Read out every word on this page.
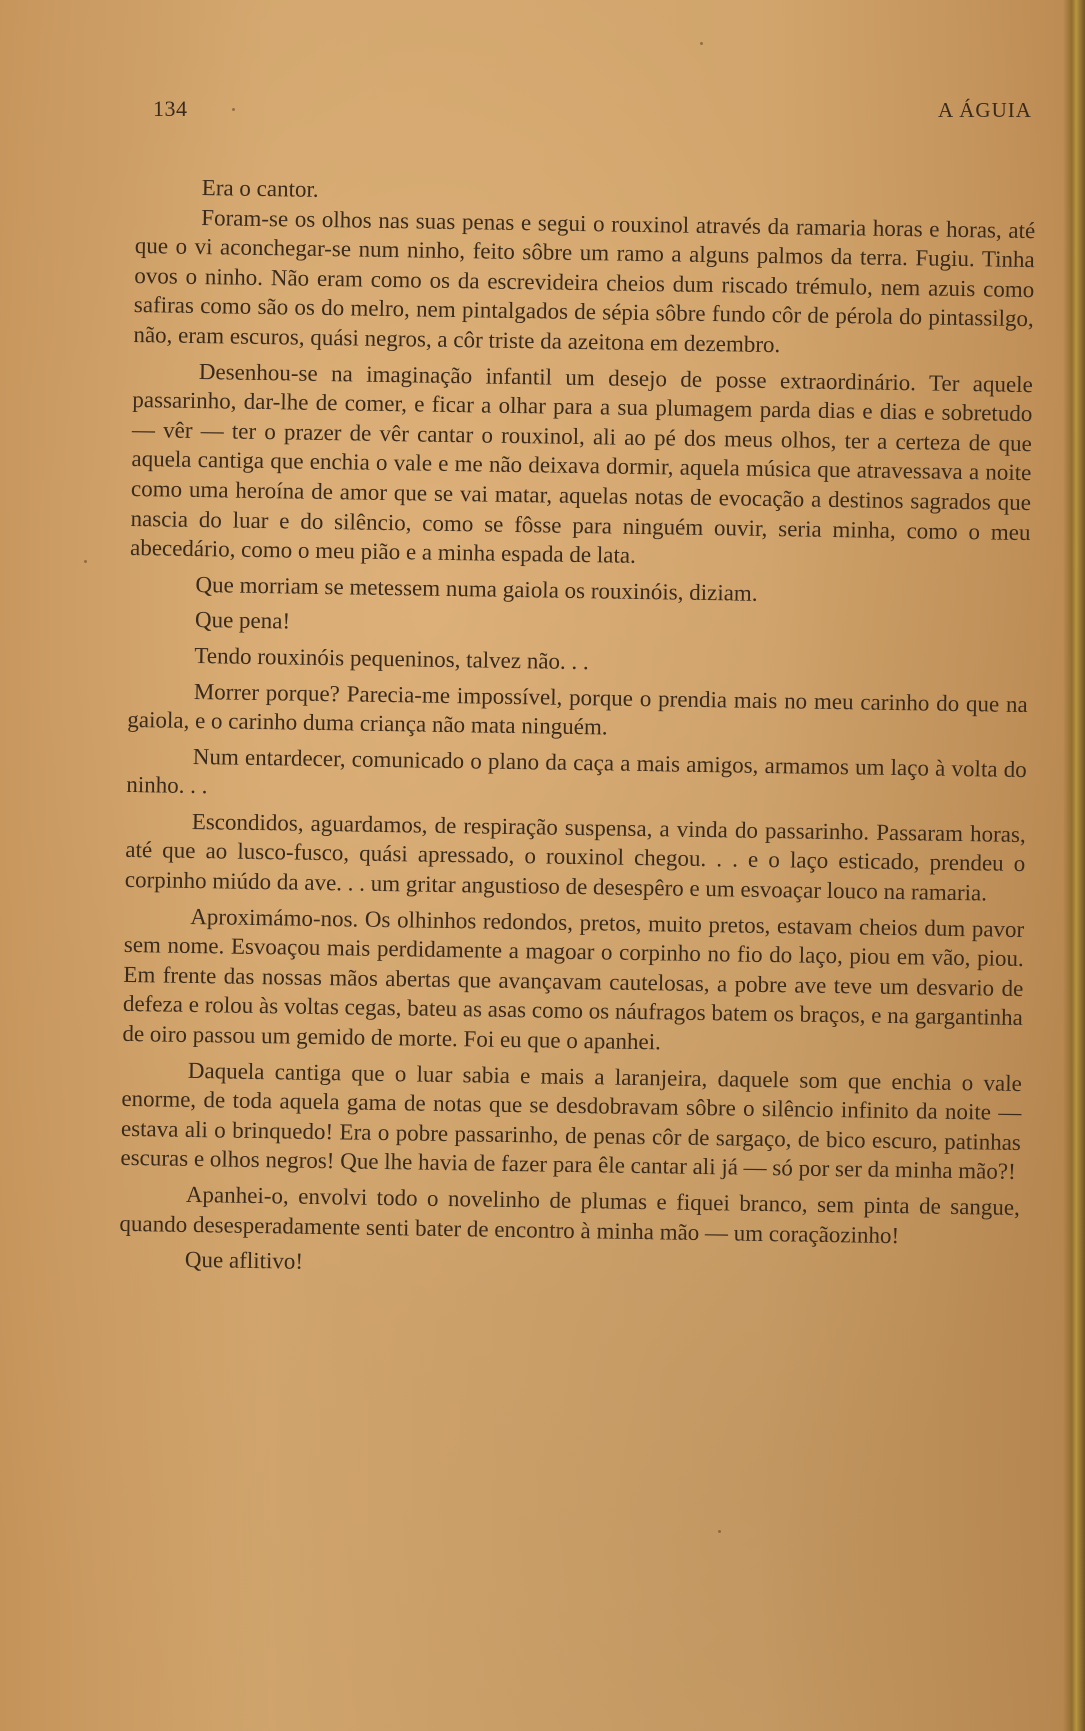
134	A ÁGUIA

Era o cantor.

Foram-se os olhos nas suas penas e segui o rouxinol através da ramaria horas e horas, até que o vi aconchegar-se num ninho, feito sôbre um ramo a alguns palmos da terra. Fugiu. Tinha ovos o ninho. Não eram como os da escrevideira cheios dum riscado trémulo, nem azuis como safiras como são os do melro, nem pintalgados de sépia sôbre fundo côr de pérola do pintassilgo, não, eram escuros, quási negros, a côr triste da azeitona em dezembro.

Desenhou-se na imaginação infantil um desejo de posse extraordinário. Ter aquele passarinho, dar-lhe de comer, e ficar a olhar para a sua plumagem parda dias e dias e sobretudo — vêr — ter o prazer de vêr cantar o rouxinol, ali ao pé dos meus olhos, ter a certeza de que aquela cantiga que enchia o vale e me não deixava dormir, aquela música que atravessava a noite como uma heroína de amor que se vai matar, aquelas notas de evocação a destinos sagrados que nascia do luar e do silêncio, como se fôsse para ninguém ouvir, seria minha, como o meu abecedário, como o meu pião e a minha espada de lata.

Que morriam se metessem numa gaiola os rouxinóis, diziam.

Que pena!

Tendo rouxinóis pequeninos, talvez não. . .

Morrer porque? Parecia-me impossível, porque o prendia mais no meu carinho do que na gaiola, e o carinho duma criança não mata ninguém.

Num entardecer, comunicado o plano da caça a mais amigos, armamos um laço à volta do ninho. . .

Escondidos, aguardamos, de respiração suspensa, a vinda do passarinho. Passaram horas, até que ao lusco-fusco, quási apressado, o rouxinol chegou. . . e o laço esticado, prendeu o corpinho miúdo da ave. . . um gritar angustioso de desespêro e um esvoaçar louco na ramaria.

Aproximámo-nos. Os olhinhos redondos, pretos, muito pretos, estavam cheios dum pavor sem nome. Esvoaçou mais perdidamente a magoar o corpinho no fio do laço, piou em vão, piou. Em frente das nossas mãos abertas que avançavam cautelosas, a pobre ave teve um desvario de defeza e rolou às voltas cegas, bateu as asas como os náufragos batem os braços, e na gargantinha de oiro passou um gemido de morte. Foi eu que o apanhei.

Daquela cantiga que o luar sabia e mais a laranjeira, daquele som que enchia o vale enorme, de toda aquela gama de notas que se desdobravam sôbre o silêncio infinito da noite — estava ali o brinquedo! Era o pobre passarinho, de penas côr de sargaço, de bico escuro, patinhas escuras e olhos negros! Que lhe havia de fazer para êle cantar ali já — só por ser da minha mão?!

Apanhei-o, envolvi todo o novelinho de plumas e fiquei branco, sem pinta de sangue, quando desesperadamente senti bater de encontro à minha mão — um coraçãozinho!

Que aflitivo!
